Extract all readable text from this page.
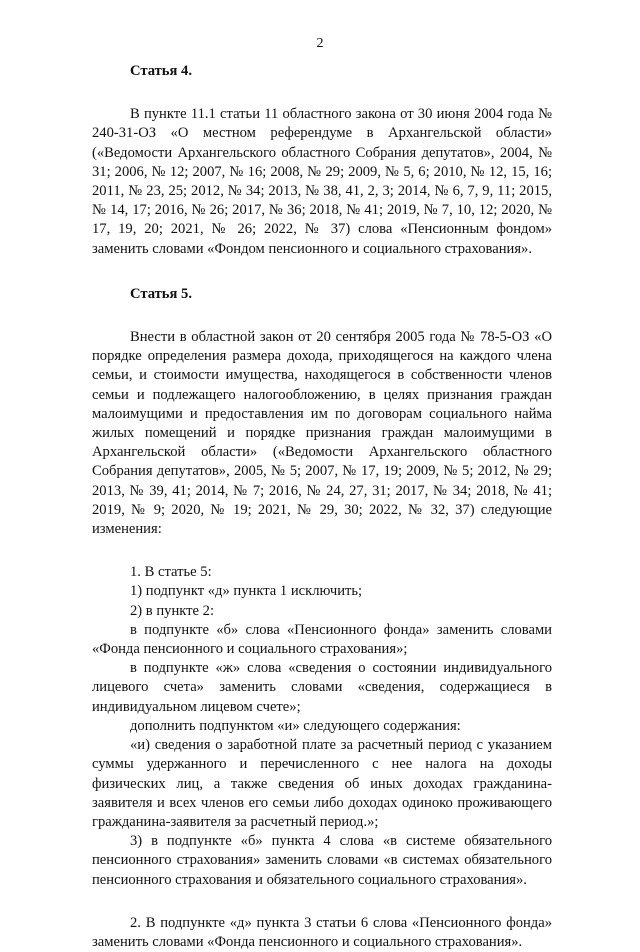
2

Статья 4.

В пункте 11.1 статьи 11 областного закона от 30 июня 2004 года № 240-31-ОЗ «О местном референдуме в Архангельской области» («Ведомости Архангельского областного Собрания депутатов», 2004, № 31; 2006, № 12; 2007, № 16; 2008, № 29; 2009, № 5, 6; 2010, № 12, 15, 16; 2011, № 23, 25; 2012, № 34; 2013, № 38, 41, 2, 3; 2014, № 6, 7, 9, 11; 2015, № 14, 17; 2016, № 26; 2017, № 36; 2018, № 41; 2019, № 7, 10, 12; 2020, № 17, 19, 20; 2021, № 26; 2022, № 37) слова «Пенсионным фондом» заменить словами «Фондом пенсионного и социального страхования».

Статья 5.

Внести в областной закон от 20 сентября 2005 года № 78-5-ОЗ «О порядке определения размера дохода, приходящегося на каждого члена семьи, и стоимости имущества, находящегося в собственности членов семьи и подлежащего налогообложению, в целях признания граждан малоимущими и предоставления им по договорам социального найма жилых помещений и порядке признания граждан малоимущими в Архангельской области» («Ведомости Архангельского областного Собрания депутатов», 2005, № 5; 2007, № 17, 19; 2009, № 5; 2012, № 29; 2013, № 39, 41; 2014, № 7; 2016, № 24, 27, 31; 2017, № 34; 2018, № 41; 2019, № 9; 2020, № 19; 2021, № 29, 30; 2022, № 32, 37) следующие изменения:

1. В статье 5:

1) подпункт «д» пункта 1 исключить;

2) в пункте 2:

в подпункте «б» слова «Пенсионного фонда» заменить словами «Фонда пенсионного и социального страхования»;

в подпункте «ж» слова «сведения о состоянии индивидуального лицевого счета» заменить словами «сведения, содержащиеся в индивидуальном лицевом счете»;

дополнить подпунктом «и» следующего содержания:

«и) сведения о заработной плате за расчетный период с указанием суммы удержанного и перечисленного с нее налога на доходы физических лиц, а также сведения об иных доходах гражданина-заявителя и всех членов его семьи либо доходах одиноко проживающего гражданина-заявителя за расчетный период.»;

3) в подпункте «б» пункта 4 слова «в системе обязательного пенсионного страхования» заменить словами «в системах обязательного пенсионного страхования и обязательного социального страхования».

2. В подпункте «д» пункта 3 статьи 6 слова «Пенсионного фонда» заменить словами «Фонда пенсионного и социального страхования».
